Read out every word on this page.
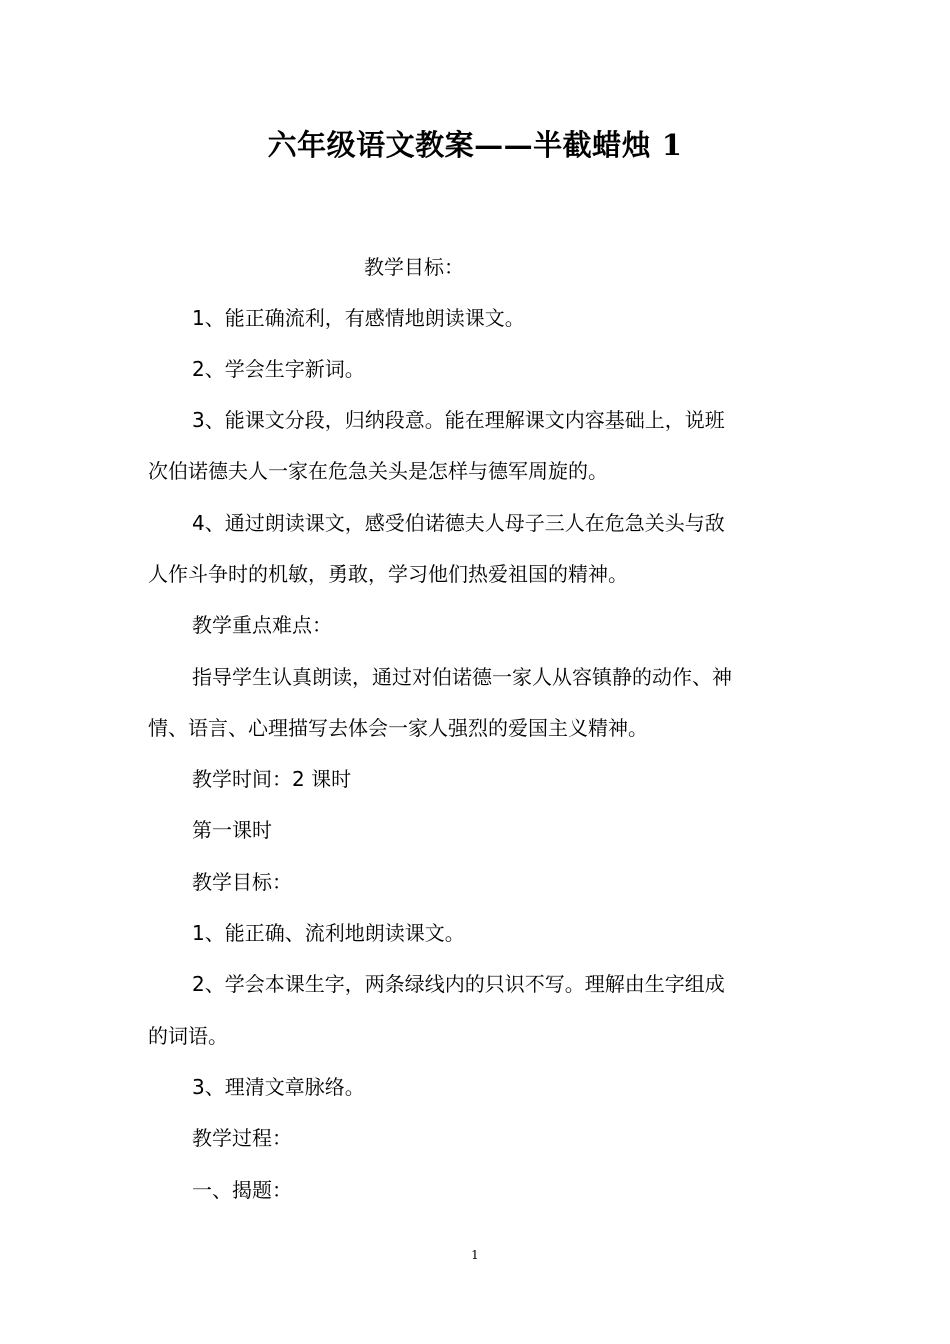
六年级语文教案——半截蜡烛 1
教学目标：
1、能正确流利，有感情地朗读课文。
2、学会生字新词。
3、能课文分段，归纳段意。能在理解课文内容基础上，说班
次伯诺德夫人一家在危急关头是怎样与德军周旋的。
4、通过朗读课文，感受伯诺德夫人母子三人在危急关头与敌
人作斗争时的机敏，勇敢，学习他们热爱祖国的精神。
教学重点难点：
指导学生认真朗读，通过对伯诺德一家人从容镇静的动作、神
情、语言、心理描写去体会一家人强烈的爱国主义精神。
教学时间：2 课时
第一课时
教学目标：
1、能正确、流利地朗读课文。
2、学会本课生字，两条绿线内的只识不写。理解由生字组成
的词语。
3、理清文章脉络。
教学过程：
一、揭题：
1
